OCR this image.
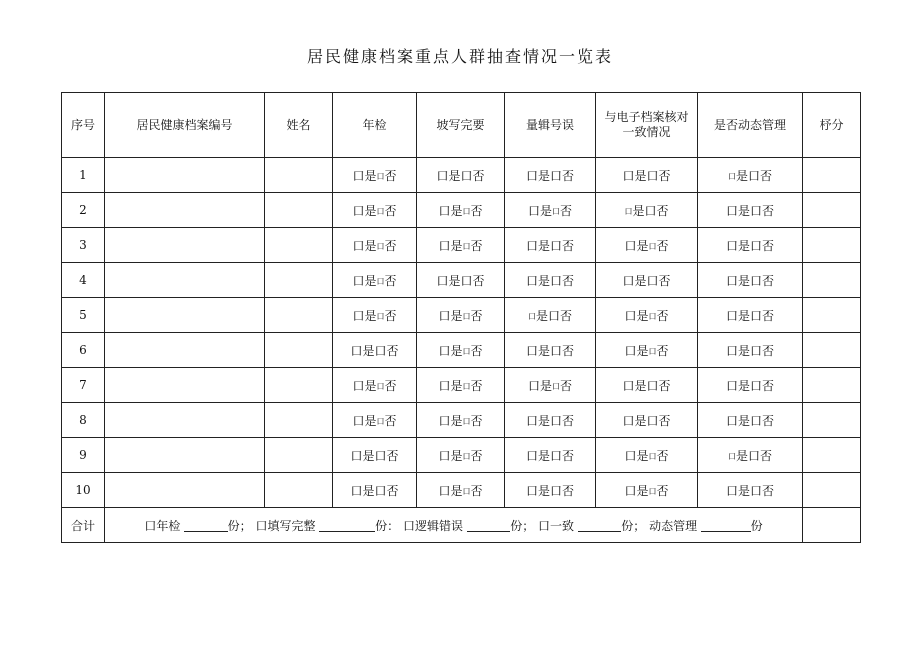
居民健康档案重点人群抽查情况一览表
序号	居民健康档案编号	姓名	年检	坡写完要	量辑号误	与电子档案核对一致情况	是否动态管理	杼分
1			口是口否	口是口否	口是口否	口是口否	口是口否	
2			口是口否	口是口否	口是口否	口是口否	口是口否	
3			口是口否	口是口否	口是口否	口是口否	口是口否	
4			口是口否	口是口否	口是口否	口是口否	口是口否	
5			口是口否	口是口否	口是口否	口是口否	口是口否	
6			口是口否	口是口否	口是口否	口是口否	口是口否	
7			口是口否	口是口否	口是口否	口是口否	口是口否	
8			口是口否	口是口否	口是口否	口是口否	口是口否	
9			口是口否	口是口否	口是口否	口是口否	口是口否	
10			口是口否	口是口否	口是口否	口是口否	口是口否	
合计	口年检 份； 口填写完整 份： 口逻辑错误 份； 口一致 份； 动态管理 份							
